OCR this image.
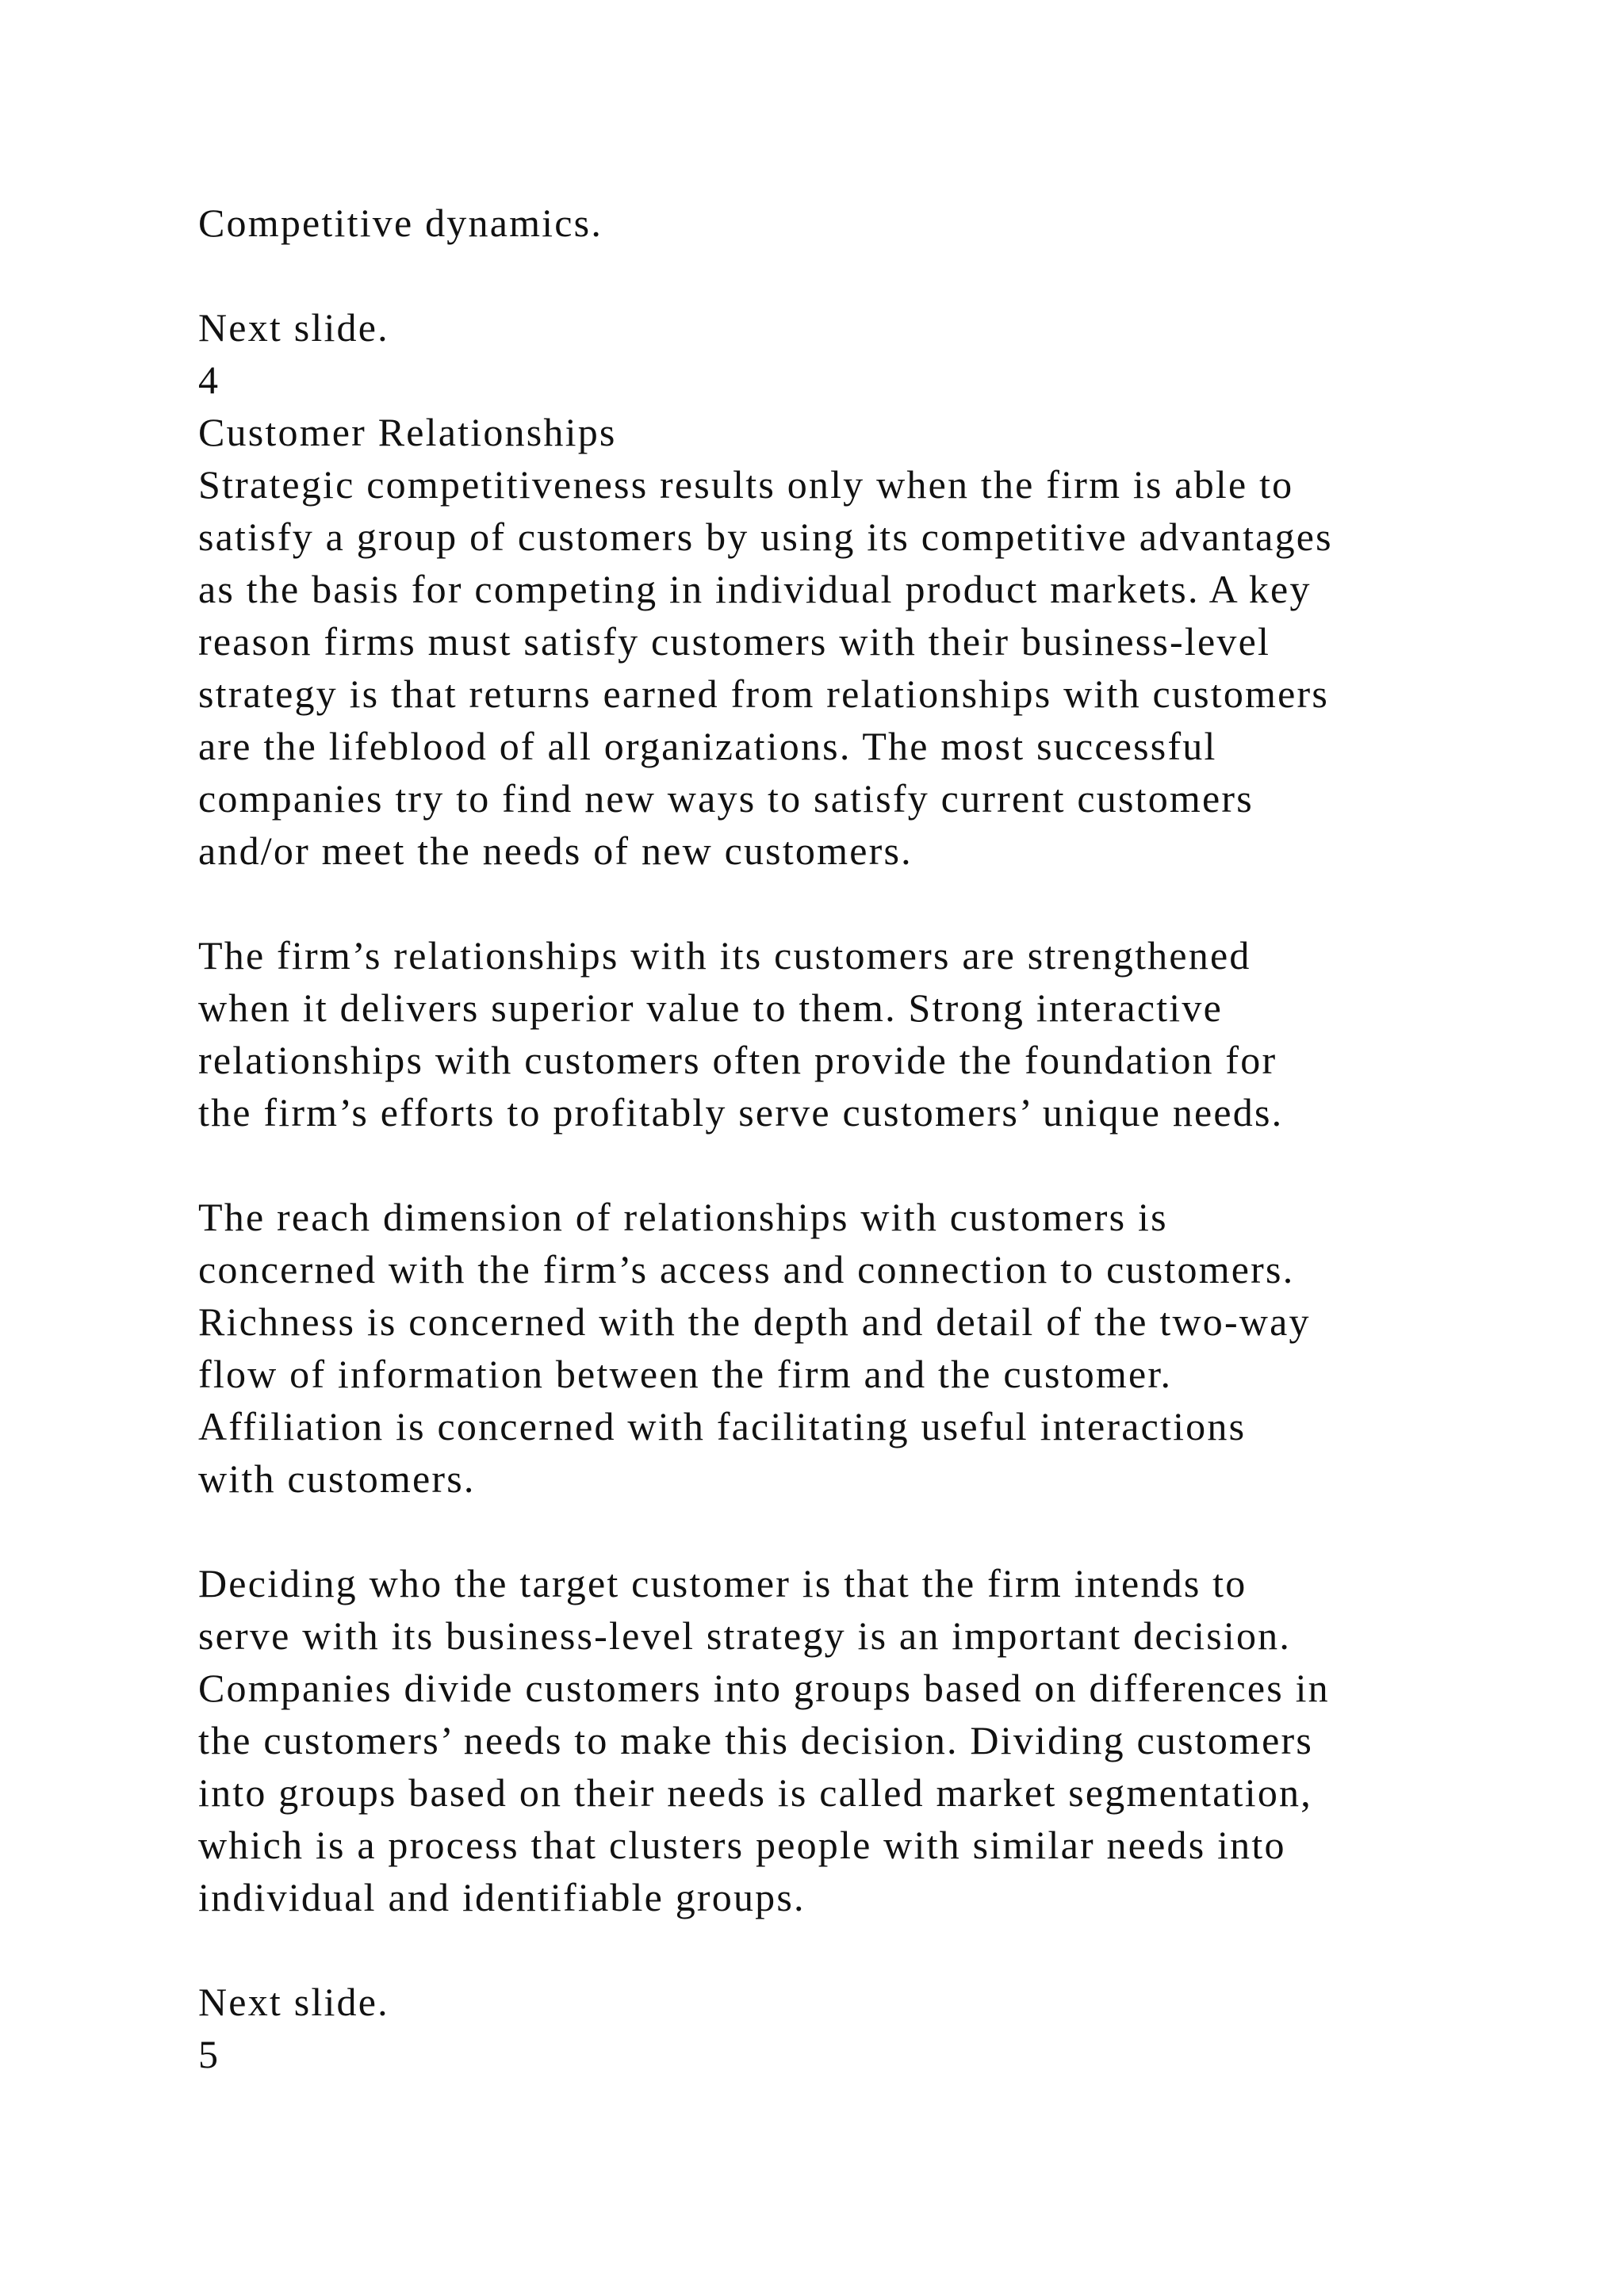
Competitive dynamics.
Next slide.
4
Customer Relationships
Strategic competitiveness results only when the firm is able to
satisfy a group of customers by using its competitive advantages
as the basis for competing in individual product markets. A key
reason firms must satisfy customers with their business-level
strategy is that returns earned from relationships with customers
are the lifeblood of all organizations. The most successful
companies try to find new ways to satisfy current customers
and/or meet the needs of new customers.
The firm’s relationships with its customers are strengthened
when it delivers superior value to them. Strong interactive
relationships with customers often provide the foundation for
the firm’s efforts to profitably serve customers’ unique needs.
The reach dimension of relationships with customers is
concerned with the firm’s access and connection to customers.
Richness is concerned with the depth and detail of the two-way
flow of information between the firm and the customer.
Affiliation is concerned with facilitating useful interactions
with customers.
Deciding who the target customer is that the firm intends to
serve with its business-level strategy is an important decision.
Companies divide customers into groups based on differences in
the customers’ needs to make this decision. Dividing customers
into groups based on their needs is called market segmentation,
which is a process that clusters people with similar needs into
individual and identifiable groups.
Next slide.
5
